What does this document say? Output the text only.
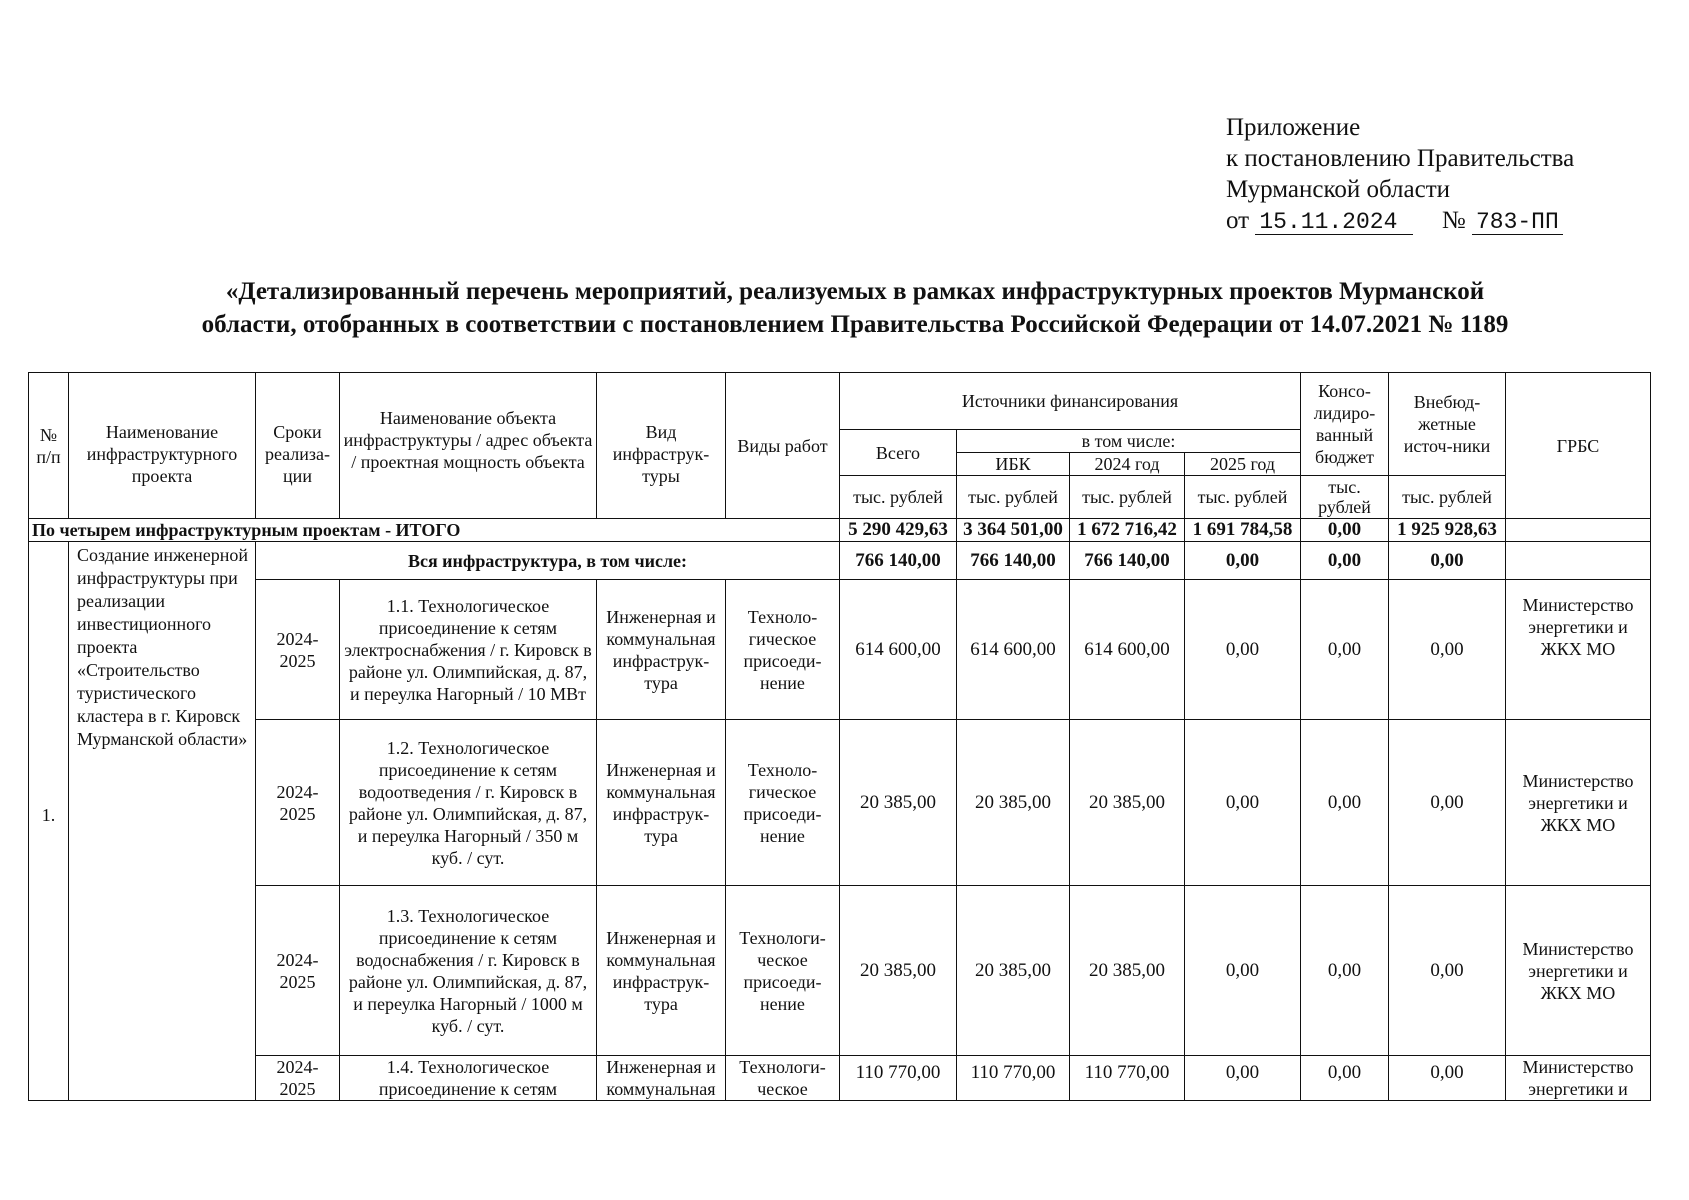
Приложение
к постановлению Правительства
Мурманской области
от 15.11.2024 № 783-ПП
«Детализированный перечень мероприятий, реализуемых в рамках инфраструктурных проектов Мурманской
области, отобранных в соответствии с постановлением Правительства Российской Федерации от 14.07.2021 № 1189
№ п/п	Наименование инфраструктурного проекта	Сроки реализа-ции	Наименование объекта инфраструктуры / адрес объекта / проектная мощность объекта	Вид инфраструк-туры	Виды работ	Источники финансирования				Консо-лидиро-ванный бюджет	Внебюд-жетные источ-ники	ГРБС
						Всего	в том числе:					
							ИБК	2024 год	2025 год			
						тыс. рублей	тыс. рублей	тыс. рублей	тыс. рублей	тыс. рублей	тыс. рублей	
По четырем инфраструктурным проектам - ИТОГО						5 290 429,63	3 364 501,00	1 672 716,42	1 691 784,58	0,00	1 925 928,63	
1.	Создание инженерной инфраструктуры при реализации инвестиционного проекта «Строительство туристического кластера в г. Кировск Мурманской области»	Вся инфраструктура, в том числе:				766 140,00	766 140,00	766 140,00	0,00	0,00	0,00	
		2024-2025	1.1. Технологическое присоединение к сетям электроснабжения / г. Кировск в районе ул. Олимпийская, д. 87, и переулка Нагорный / 10 МВт	Инженерная и коммунальная инфраструк-тура	Техноло-гическое присоеди-нение	614 600,00	614 600,00	614 600,00	0,00	0,00	0,00	Министерство энергетики и ЖКХ МО
		2024-2025	1.2. Технологическое присоединение к сетям водоотведения / г. Кировск в районе ул. Олимпийская, д. 87, и переулка Нагорный / 350 м куб. / сут.	Инженерная и коммунальная инфраструк-тура	Техноло-гическое присоеди-нение	20 385,00	20 385,00	20 385,00	0,00	0,00	0,00	Министерство энергетики и ЖКХ МО
		2024-2025	1.3. Технологическое присоединение к сетям водоснабжения / г. Кировск в районе ул. Олимпийская, д. 87, и переулка Нагорный / 1000 м куб. / сут.	Инженерная и коммунальная инфраструк-тура	Технологи-ческое присоеди-нение	20 385,00	20 385,00	20 385,00	0,00	0,00	0,00	Министерство энергетики и ЖКХ МО
		2024-2025	1.4. Технологическое присоединение к сетям	Инженерная и коммунальная	Технологи-ческое	110 770,00	110 770,00	110 770,00	0,00	0,00	0,00	Министерство энергетики и
